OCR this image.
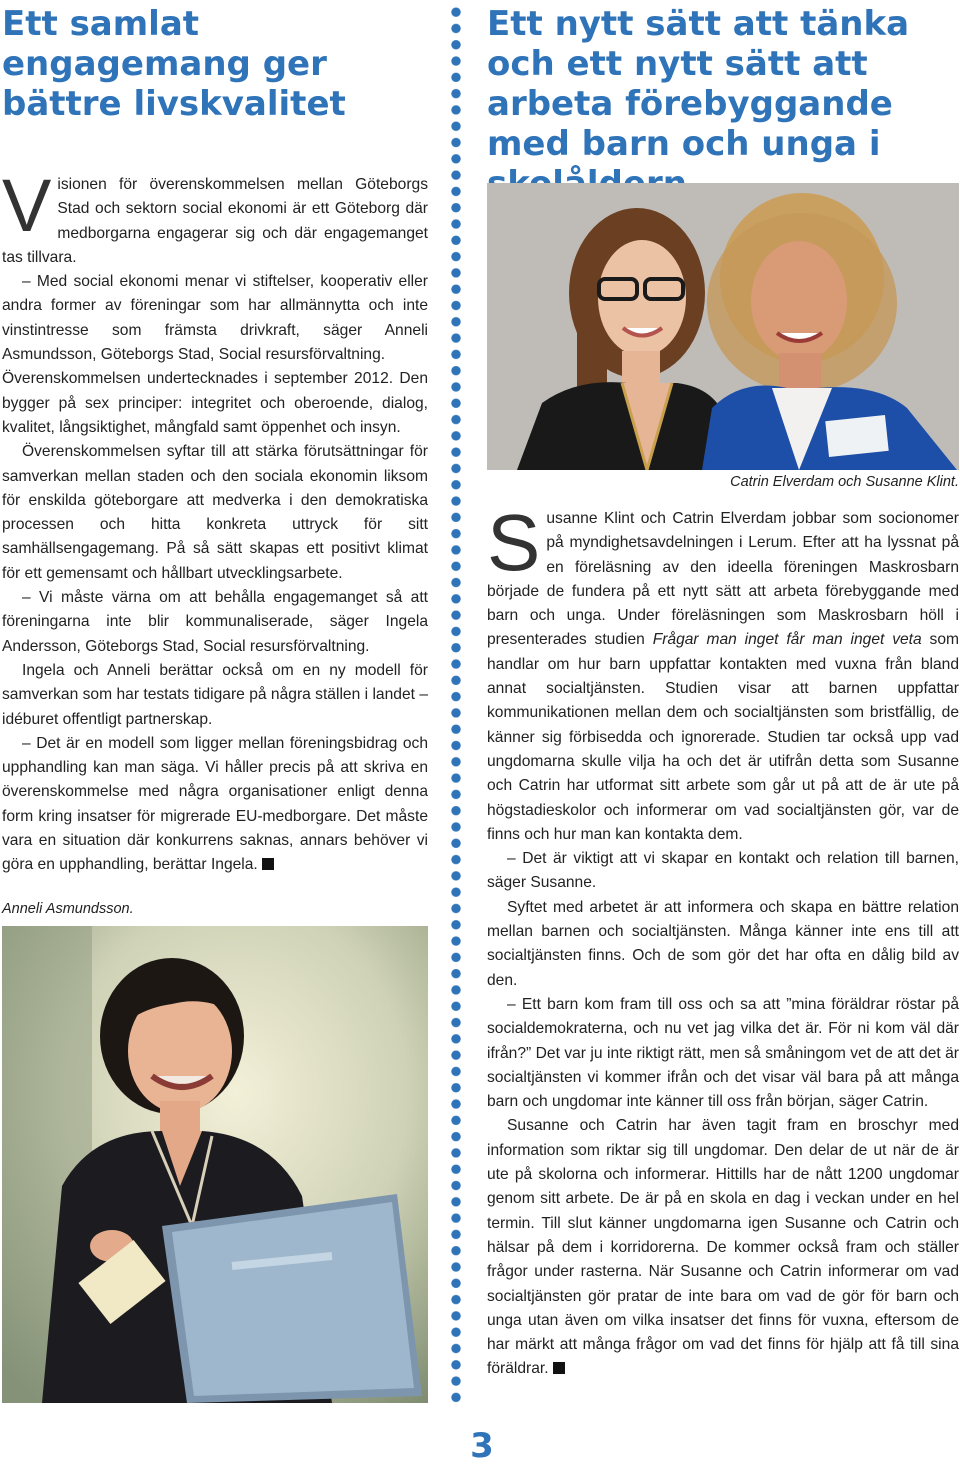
Ett samlat engagemang ger bättre livskvalitet

Visionen för överenskommelsen mellan Göteborgs Stad och sektorn social ekonomi är ett Göteborg där medborgarna engagerar sig och där engagemanget tas tillvara.

– Med social ekonomi menar vi stiftelser, kooperativ eller andra former av föreningar som har allmännytta och inte vinstintresse som främsta drivkraft, säger Anneli Asmundsson, Göteborgs Stad, Social resursförvaltning.

Överenskommelsen undertecknades i september 2012. Den bygger på sex principer: integritet och oberoende, dialog, kvalitet, långsiktighet, mångfald samt öppenhet och insyn.

Överenskommelsen syftar till att stärka förutsättningar för samverkan mellan staden och den sociala ekonomin liksom för enskilda göteborgare att medverka i den demokratiska processen och hitta konkreta uttryck för sitt samhällsengagemang. På så sätt skapas ett positivt klimat för ett gemensamt och hållbart utvecklingsarbete.

– Vi måste värna om att behålla engagemanget så att föreningarna inte blir kommunaliserade, säger Ingela Andersson, Göteborgs Stad, Social resursförvaltning.

Ingela och Anneli berättar också om en ny modell för samverkan som har testats tidigare på några ställen i landet – idéburet offentligt partnerskap.

– Det är en modell som ligger mellan föreningsbidrag och upphandling kan man säga. Vi håller precis på att skriva en överenskommelse med några organisationer enligt denna form kring insatser för migrerade EU-medborgare. Det måste vara en situation där konkurrens saknas, annars behöver vi göra en upphandling, berättar Ingela.

Anneli Asmundsson.
Ett nytt sätt att tänka och ett nytt sätt att arbeta förebyggande med barn och unga i
Catrin Elverdam och Susanne Klint.

Susanne Klint och Catrin Elverdam jobbar som socionomer på myndighetsavdelningen i Lerum. Efter att ha lyssnat på en föreläsning av den ideella föreningen Maskrosbarn började de fundera på ett nytt sätt att arbeta förebyggande med barn och unga. Under föreläsningen som Maskrosbarn höll i presenterades studien Frågar man inget får man inget veta som handlar om hur barn uppfattar kontakten med vuxna från bland annat socialtjänsten. Studien visar att barnen uppfattar kommunikationen mellan dem och socialtjänsten som bristfällig, de känner sig förbisedda och ignorerade. Studien tar också upp vad ungdomarna skulle vilja ha och det är utifrån detta som Susanne och Catrin har utformat sitt arbete som går ut på att de är ute på högstadieskolor och informerar om vad socialtjänsten gör, var de finns och hur man kan kontakta dem.

– Det är viktigt att vi skapar en kontakt och relation till barnen, säger Susanne.

Syftet med arbetet är att informera och skapa en bättre relation mellan barnen och socialtjänsten. Många känner inte ens till att socialtjänsten finns. Och de som gör det har ofta en dålig bild av den.

– Ett barn kom fram till oss och sa att ”mina föräldrar röstar på socialdemokraterna, och nu vet jag vilka det är. För ni kom väl där ifrån?” Det var ju inte riktigt rätt, men så småningom vet de att det är socialtjänsten vi kommer ifrån och det visar väl bara på att många barn och ungdomar inte känner till oss från början, säger Catrin.

Susanne och Catrin har även tagit fram en broschyr med information som riktar sig till ungdomar. Den delar de ut när de är ute på skolorna och informerar. Hittills har de nått 1200 ungdomar genom sitt arbete. De är på en skola en dag i veckan under en hel termin. Till slut känner ungdomarna igen Susanne och Catrin och hälsar på dem i korridorerna. De kommer också fram och ställer frågor under rasterna. När Susanne och Catrin informerar om vad socialtjänsten gör pratar de inte bara om vad de gör för barn och unga utan även om vilka insatser det finns för vuxna, eftersom de har märkt att många frågor om vad det finns för hjälp att få till sina föräldrar.

3
